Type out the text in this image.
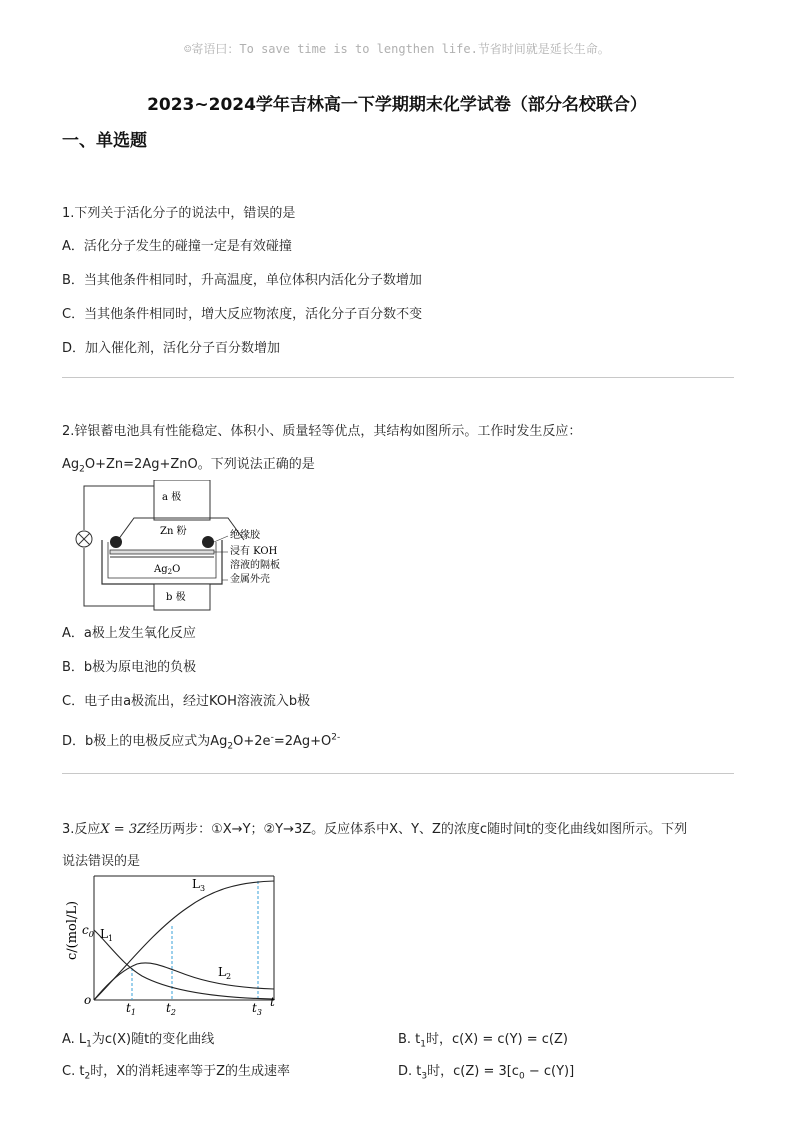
☺寄语曰：To save time is to lengthen life.节省时间就是延长生命。
2023~2024学年吉林高一下学期期末化学试卷（部分名校联合）
一、单选题
1.下列关于活化分子的说法中，错误的是
A．活化分子发生的碰撞一定是有效碰撞
B．当其他条件相同时，升高温度，单位体积内活化分子数增加
C．当其他条件相同时，增大反应物浓度，活化分子百分数不变
D．加入催化剂，活化分子百分数增加
2.锌银蓄电池具有性能稳定、体积小、质量轻等优点，其结构如图所示。工作时发生反应：
$Ag_2O+Zn=2Ag+ZnO$。下列说法正确的是
a 极
Zn 粉
$Ag_2O$
b 极
绝缘胶
浸有 KOH
溶液的隔板
金属外壳
A．a极上发生氧化反应
B．b极为原电池的负极
C．电子由a极流出，经过KOH溶液流入b极
D．b极上的电极反应式为$Ag_2O+2e^-=2Ag+O^{2-}$
3.反应X = 3Z经历两步：①X→Y；②Y→3Z。反应体系中X、Y、Z的浓度c随时间t的变化曲线如图所示。下列
说法错误的是
c/(mol/L) $c_0$ $L_1$
$L_3$
$L_2$
o	t
$t_1$	$t_2$	$t_3$
A. $L_1$为c(X)随t的变化曲线	B. $t_1$时，c(X) = c(Y) = c(Z)
C. $t_2$时，X的消耗速率等于Z的生成速率	D. $t_3$时，$c(Z) = 3[c_0 - c(Y)]$
